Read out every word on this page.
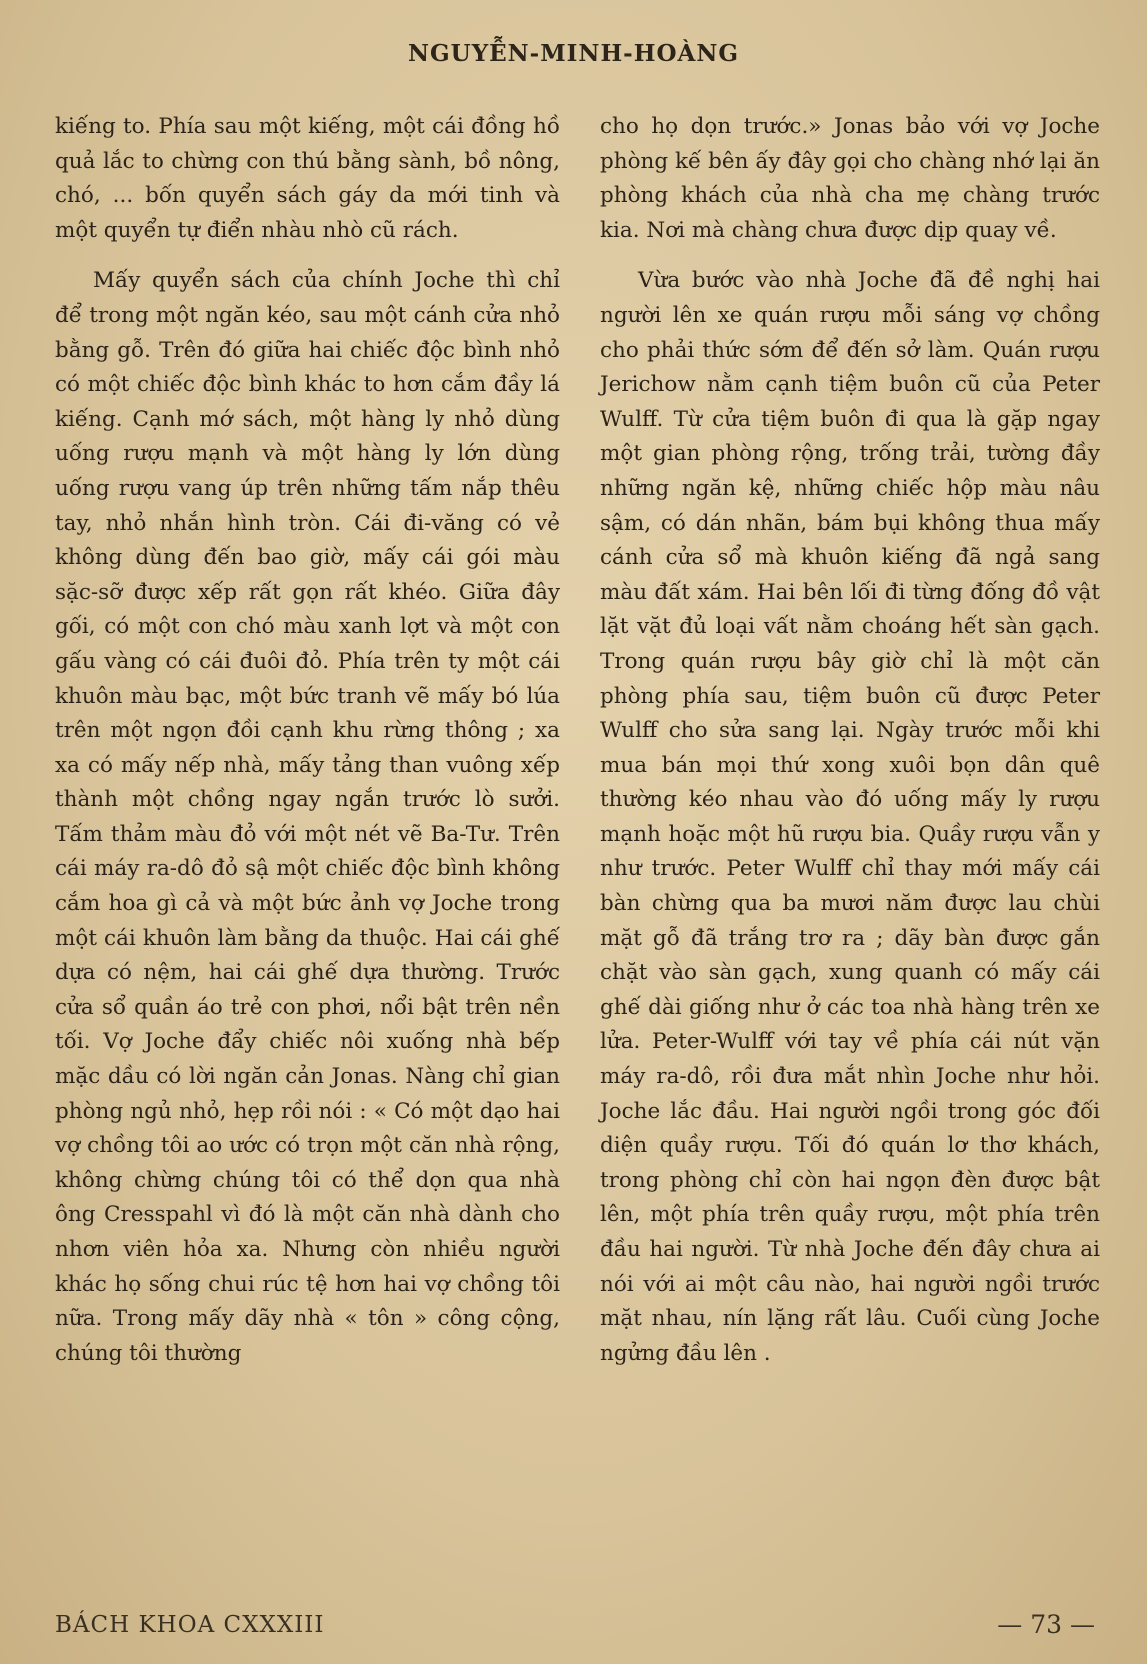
NGUYỄN-MINH-HOÀNG

kiếng to. Phía sau một kiếng, một cái đồng hồ quả lắc to chừng con thú bằng sành, bồ nông, chó, ... bốn quyển sách gáy da mới tinh và một quyển tự điển nhàu nhò cũ rách.

Mấy quyển sách của chính Joche thì chỉ để trong một ngăn kéo, sau một cánh cửa nhỏ bằng gỗ. Trên đó giữa hai chiếc độc bình nhỏ có một chiếc độc bình khác to hơn cắm đầy lá kiếng. Cạnh mớ sách, một hàng ly nhỏ dùng uống rượu mạnh và một hàng ly lớn dùng uống rượu vang úp trên những tấm nắp thêu tay, nhỏ nhắn hình tròn. Cái đi-văng có vẻ không dùng đến bao giờ, mấy cái gói màu sặc-sỡ được xếp rất gọn rất khéo. Giữa đây gối, có một con chó màu xanh lợt và một con gấu vàng có cái đuôi đỏ. Phía trên ty một cái khuôn màu bạc, một bức tranh vẽ mấy bó lúa trên một ngọn đồi cạnh khu rừng thông ; xa xa có mấy nếp nhà, mấy tảng than vuông xếp thành một chồng ngay ngắn trước lò sưởi. Tấm thảm màu đỏ với một nét vẽ Ba-Tư. Trên cái máy ra-dô đỏ sậ một chiếc độc bình không cắm hoa gì cả và một bức ảnh vợ Joche trong một cái khuôn làm bằng da thuộc. Hai cái ghế dựa có nệm, hai cái ghế dựa thường. Trước cửa sổ quần áo trẻ con phơi, nổi bật trên nền tối. Vợ Joche đẩy chiếc nôi xuống nhà bếp mặc dầu có lời ngăn cản Jonas. Nàng chỉ gian phòng ngủ nhỏ, hẹp rồi nói : « Có một dạo hai vợ chồng tôi ao ước có trọn một căn nhà rộng, không chừng chúng tôi có thể dọn qua nhà ông Cresspahl vì đó là một căn nhà dành cho nhơn viên hỏa xa. Nhưng còn nhiều người khác họ sống chui rúc tệ hơn hai vợ chồng tôi nữa. Trong mấy dãy nhà « tôn » công cộng, chúng tôi thường

cho họ dọn trước.» Jonas bảo với vợ Joche phòng kế bên ấy đây gọi cho chàng nhớ lại ăn phòng khách của nhà cha mẹ chàng trước kia. Nơi mà chàng chưa được dịp quay về.

Vừa bước vào nhà Joche đã đề nghị hai người lên xe quán rượu mỗi sáng vợ chồng cho phải thức sớm để đến sở làm. Quán rượu Jerichow nằm cạnh tiệm buôn cũ của Peter Wulff. Từ cửa tiệm buôn đi qua là gặp ngay một gian phòng rộng, trống trải, tường đầy những ngăn kệ, những chiếc hộp màu nâu sậm, có dán nhãn, bám bụi không thua mấy cánh cửa sổ mà khuôn kiếng đã ngả sang màu đất xám. Hai bên lối đi từng đống đồ vật lặt vặt đủ loại vất nằm choáng hết sàn gạch. Trong quán rượu bây giờ chỉ là một căn phòng phía sau, tiệm buôn cũ được Peter Wulff cho sửa sang lại. Ngày trước mỗi khi mua bán mọi thứ xong xuôi bọn dân quê thường kéo nhau vào đó uống mấy ly rượu mạnh hoặc một hũ rượu bia. Quầy rượu vẫn y như trước. Peter Wulff chỉ thay mới mấy cái bàn chừng qua ba mươi năm được lau chùi mặt gỗ đã trắng trơ ra ; dãy bàn được gắn chặt vào sàn gạch, xung quanh có mấy cái ghế dài giống như ở các toa nhà hàng trên xe lửa. Peter-Wulff với tay về phía cái nút vặn máy ra-dô, rồi đưa mắt nhìn Joche như hỏi. Joche lắc đầu. Hai người ngồi trong góc đối diện quầy rượu. Tối đó quán lơ thơ khách, trong phòng chỉ còn hai ngọn đèn được bật lên, một phía trên quầy rượu, một phía trên đầu hai người. Từ nhà Joche đến đây chưa ai nói với ai một câu nào, hai người ngồi trước mặt nhau, nín lặng rất lâu. Cuối cùng Joche ngửng đầu lên .

BÁCH KHOA CXXXIII	— 73 —
